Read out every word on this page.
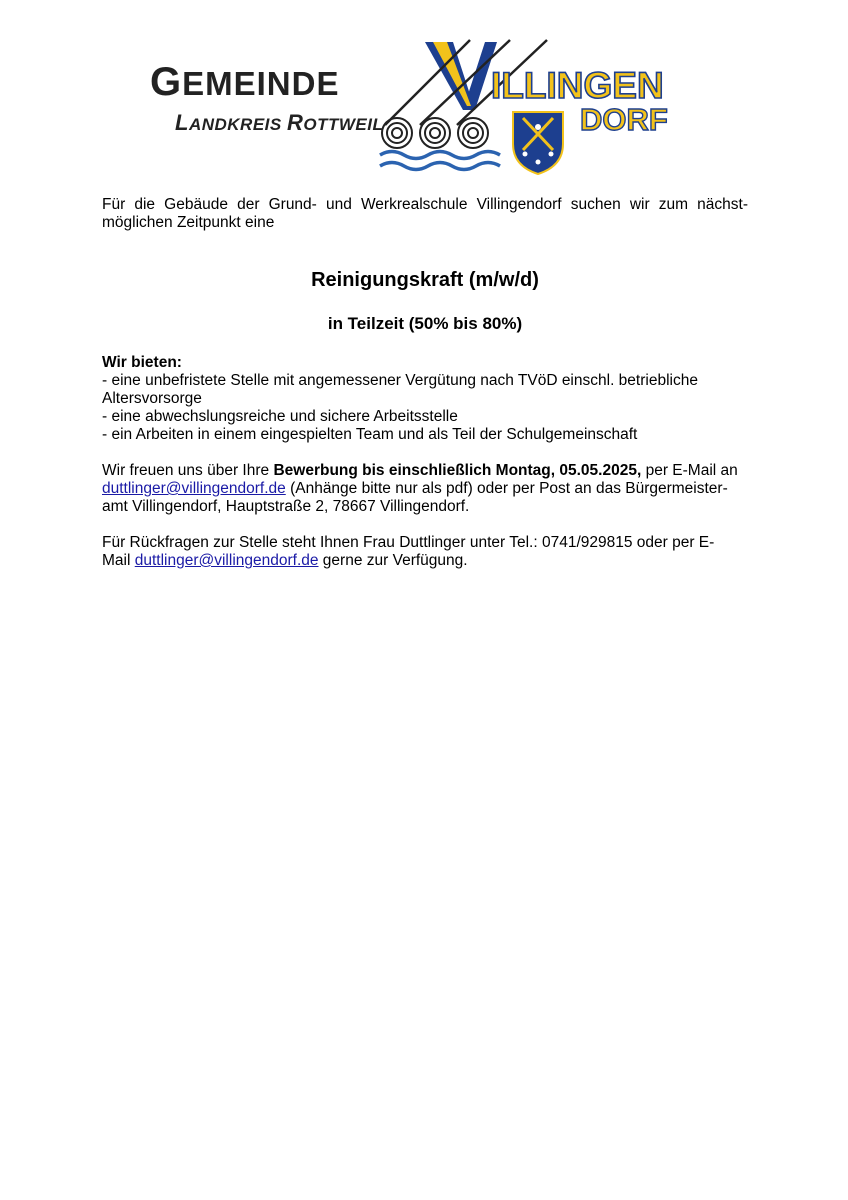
GEMEINDE
LANDKREIS ROTTWEIL
ILLINGEN
DORF

Für die Gebäude der Grund- und Werkrealschule Villingendorf suchen wir zum nächst-
möglichen Zeitpunkt eine

Reinigungskraft (m/w/d)
in Teilzeit (50% bis 80%)
Wir bieten:

- eine unbefristete Stelle mit angemessener Vergütung nach TVöD einschl. betriebliche

Altersvorsorge

- eine abwechslungsreiche und sichere Arbeitsstelle

- ein Arbeiten in einem eingespielten Team und als Teil der Schulgemeinschaft

Wir freuen uns über Ihre Bewerbung bis einschließlich Montag, 05.05.2025, per E-Mail an

duttlinger@villingendorf.de (Anhänge bitte nur als pdf) oder per Post an das Bürgermeister-

amt Villingendorf, Hauptstraße 2, 78667 Villingendorf.

Für Rückfragen zur Stelle steht Ihnen Frau Duttlinger unter Tel.: 0741/929815 oder per E-

Mail duttlinger@villingendorf.de gerne zur Verfügung.
